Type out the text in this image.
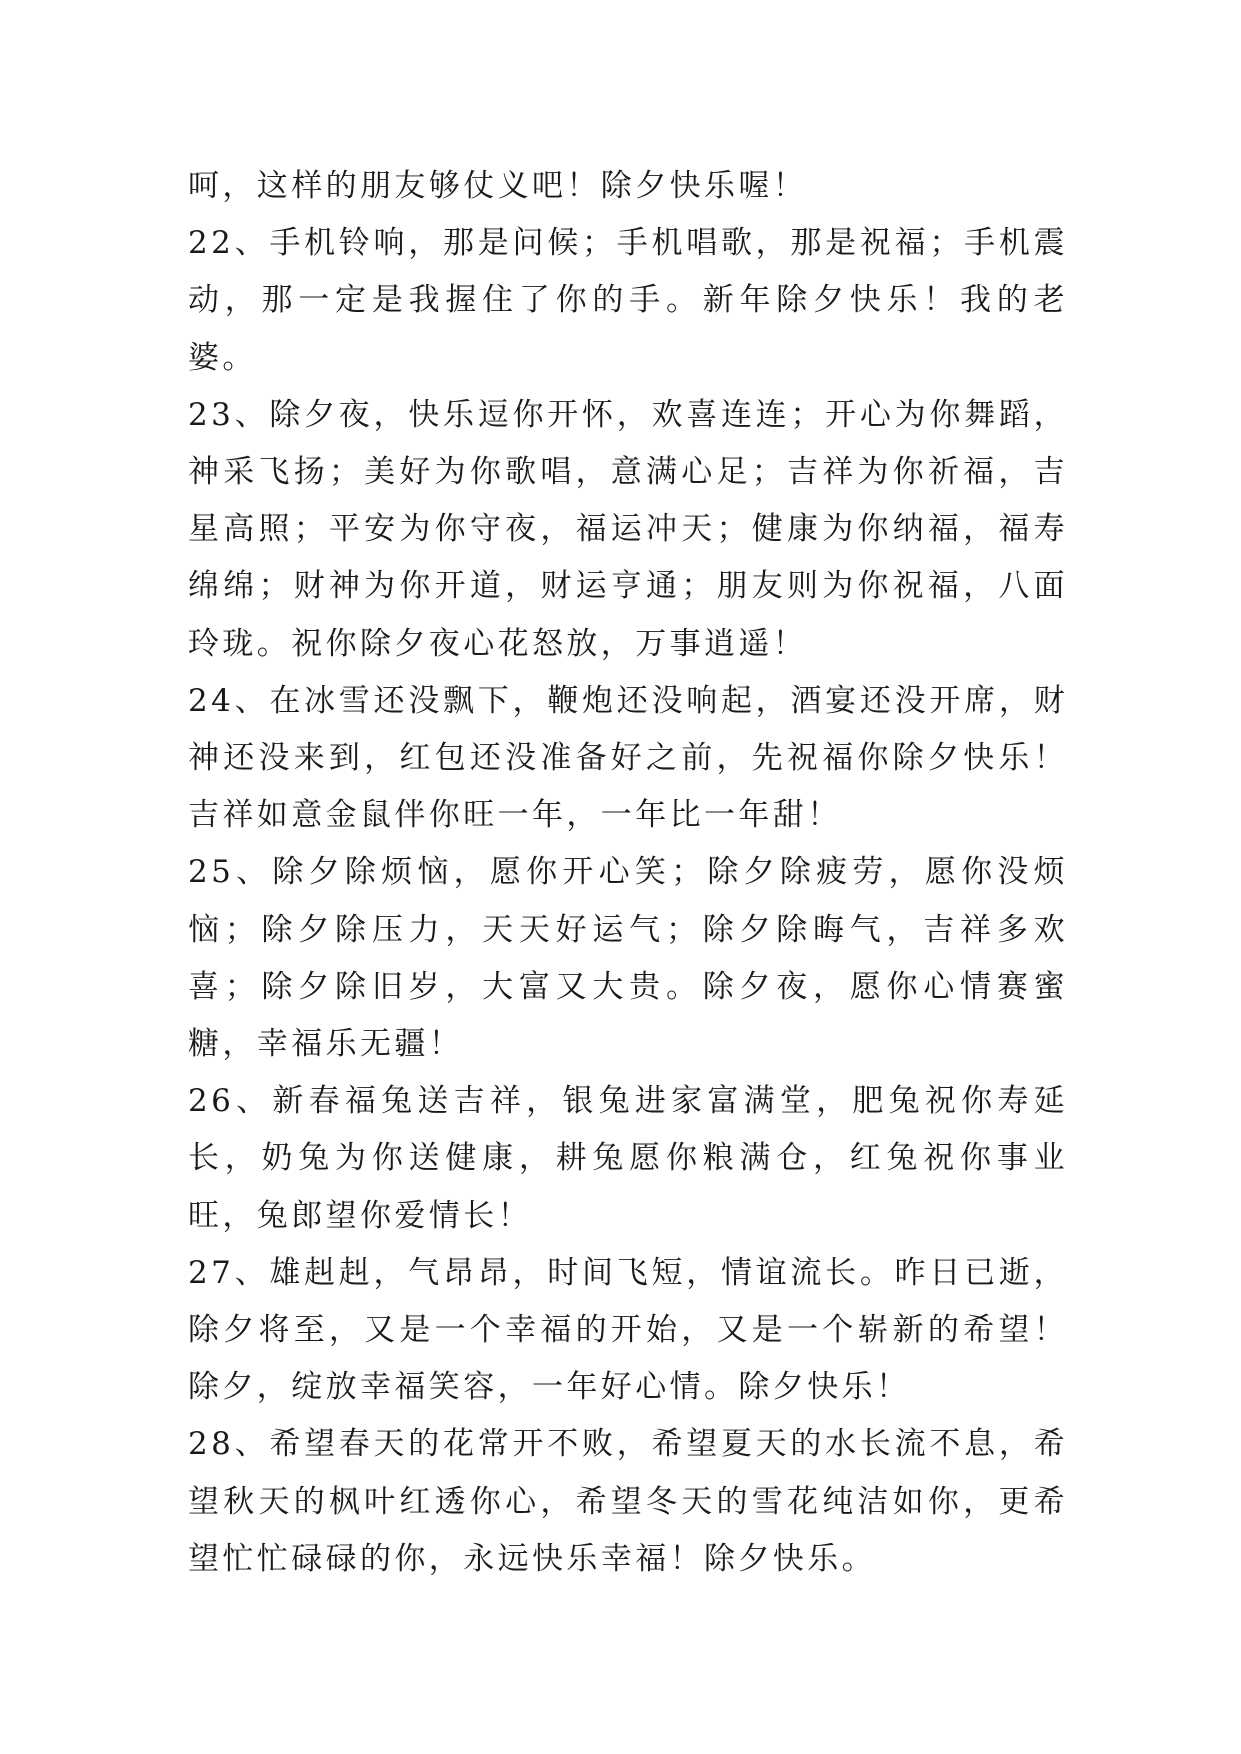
呵，这样的朋友够仗义吧！除夕快乐喔！

22、手机铃响，那是问候；手机唱歌，那是祝福；手机震动，那一定是我握住了你的手。新年除夕快乐！我的老婆。

23、除夕夜，快乐逗你开怀，欢喜连连；开心为你舞蹈，神采飞扬；美好为你歌唱，意满心足；吉祥为你祈福，吉星高照；平安为你守夜，福运冲天；健康为你纳福，福寿绵绵；财神为你开道，财运亨通；朋友则为你祝福，八面玲珑。祝你除夕夜心花怒放，万事逍遥！

24、在冰雪还没飘下，鞭炮还没响起，酒宴还没开席，财神还没来到，红包还没准备好之前，先祝福你除夕快乐！吉祥如意金鼠伴你旺一年，一年比一年甜！

25、除夕除烦恼，愿你开心笑；除夕除疲劳，愿你没烦恼；除夕除压力，天天好运气；除夕除晦气，吉祥多欢喜；除夕除旧岁，大富又大贵。除夕夜，愿你心情赛蜜糖，幸福乐无疆！

26、新春福兔送吉祥，银兔进家富满堂，肥兔祝你寿延长，奶兔为你送健康，耕兔愿你粮满仓，红兔祝你事业旺，兔郎望你爱情长！

27、雄赳赳，气昂昂，时间飞短，情谊流长。昨日已逝，除夕将至，又是一个幸福的开始，又是一个崭新的希望！除夕，绽放幸福笑容，一年好心情。除夕快乐！

28、希望春天的花常开不败，希望夏天的水长流不息，希望秋天的枫叶红透你心，希望冬天的雪花纯洁如你，更希望忙忙碌碌的你，永远快乐幸福！除夕快乐。
